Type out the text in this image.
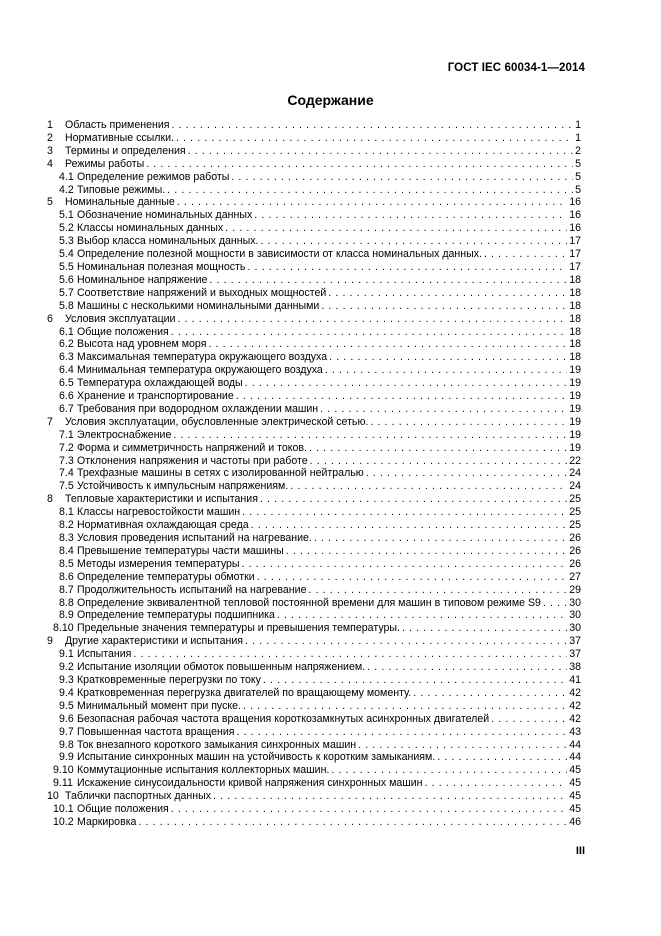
ГОСТ IEC 60034-1—2014
Содержание
1	Область применения . . .	1
2	Нормативные ссылки. . . .	1
3	Термины и определения . . .	2
4	Режимы работы . . .	5
4.1 Определение режимов работы . . .	5
4.2 Типовые режимы. . . .	5
5	Номинальные данные . . .	16
5.1 Обозначение номинальных данных . . .	16
5.2 Классы номинальных данных . . .	16
5.3 Выбор класса номинальных данных. . . .	17
5.4 Определение полезной мощности в зависимости от класса номинальных данных. . . .	17
5.5 Номинальная полезная мощность . . .	17
5.6 Номинальное напряжение . . .	18
5.7 Соответствие напряжений и выходных мощностей . . .	18
5.8 Машины с несколькими номинальными данными . . .	18
6	Условия эксплуатации . . .	18
6.1 Общие положения . . .	18
6.2 Высота над уровнем моря . . .	18
6.3 Максимальная температура окружающего воздуха . . .	18
6.4 Минимальная температура окружающего воздуха . . .	19
6.5 Температура охлаждающей воды . . .	19
6.6 Хранение и транспортирование . . .	19
6.7 Требования при водородном охлаждении машин . . .	19
7	Условия эксплуатации, обусловленные электрической сетью. . . .	19
7.1 Электроснабжение . . .	19
7.2 Форма и симметричность напряжений и токов. . . .	19
7.3 Отклонения напряжения и частоты при работе . . .	22
7.4 Трехфазные машины в сетях с изолированной нейтралью . . .	24
7.5 Устойчивость к импульсным напряжениям. . . .	24
8	Тепловые характеристики и испытания . . .	25
8.1 Классы нагревостойкости машин . . .	25
8.2 Нормативная охлаждающая среда . . .	25
8.3 Условия проведения испытаний на нагревание. . . .	26
8.4 Превышение температуры части машины . . .	26
8.5 Методы измерения температуры . . .	26
8.6 Определение температуры обмотки . . .	27
8.7 Продолжительность испытаний на нагревание . . .	29
8.8 Определение эквивалентной тепловой постоянной времени для машин в типовом режиме S9 . . .	30
8.9 Определение температуры подшипника . . .	30
8.10 Предельные значения температуры и превышения температуры. . . .	30
9	Другие характеристики и испытания . . .	37
9.1 Испытания . . .	37
9.2 Испытание изоляции обмоток повышенным напряжением. . . .	38
9.3 Кратковременные перегрузки по току . . .	41
9.4 Кратковременная перегрузка двигателей по вращающему моменту. . . .	42
9.5 Минимальный момент при пуске. . . .	42
9.6 Безопасная рабочая частота вращения короткозамкнутых асинхронных двигателей . . .	42
9.7 Повышенная частота вращения . . .	43
9.8 Ток внезапного короткого замыкания синхронных машин . . .	44
9.9 Испытание синхронных машин на устойчивость к коротким замыканиям. . . .	44
9.10 Коммутационные испытания коллекторных машин. . . .	45
9.11 Искажение синусоидальности кривой напряжения синхронных машин . . .	45
10 Таблички паспортных данных . . .	45
10.1 Общие положения . . .	45
10.2 Маркировка . . .	46
III
